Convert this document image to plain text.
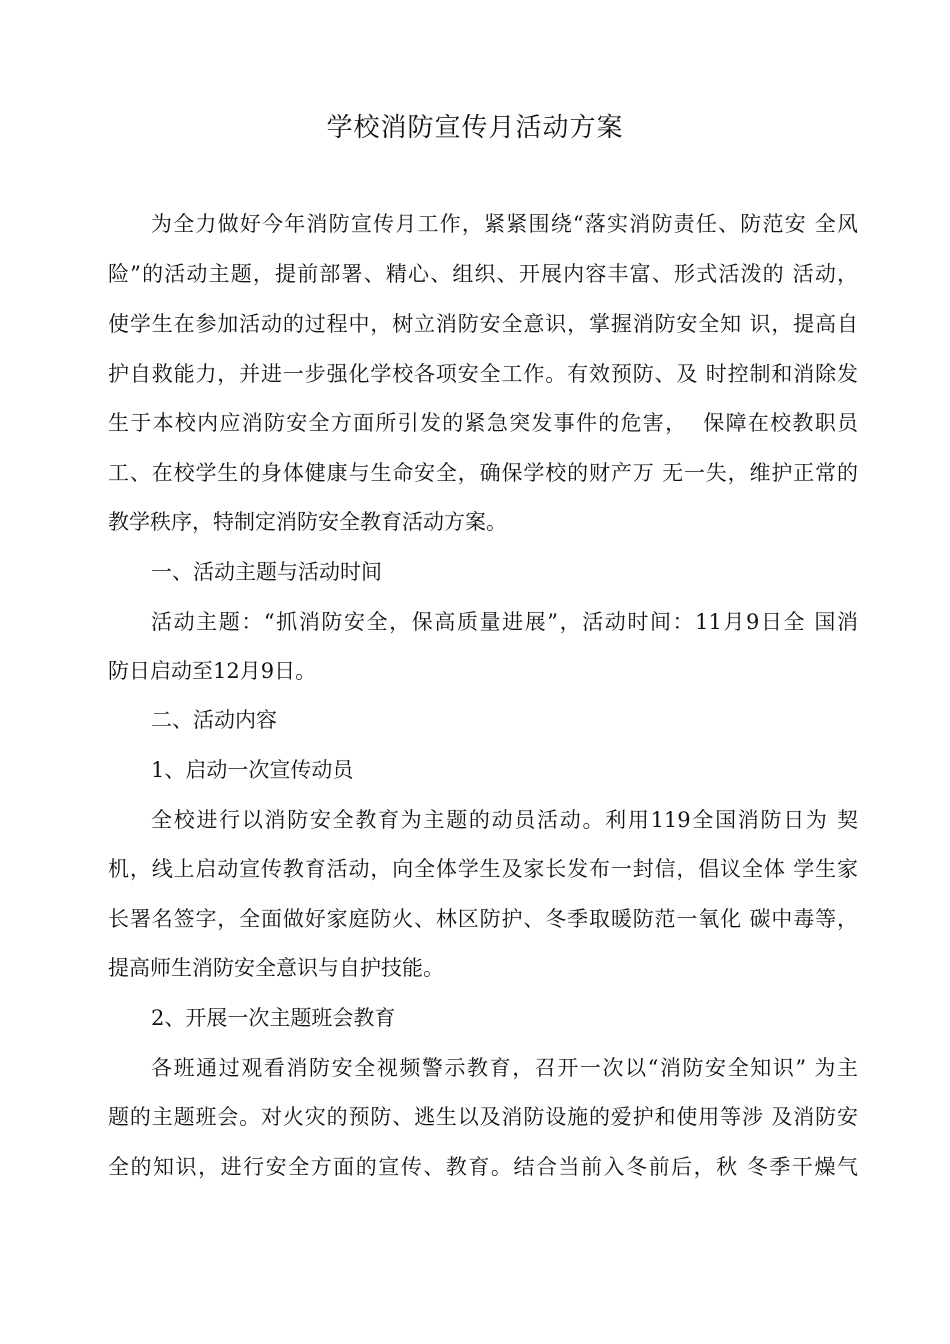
学校消防宣传月活动方案
为全力做好今年消防宣传月工作，紧紧围绕“落实消防责任、防范安 全风
险”的活动主题，提前部署、精心、组织、开展内容丰富、形式活泼的 活动，
使学生在参加活动的过程中，树立消防安全意识，掌握消防安全知 识，提高自
护自救能力，并进一步强化学校各项安全工作。有效预防、及 时控制和消除发
生于本校内应消防安全方面所引发的紧急突发事件的危害，  保障在校教职员
工、在校学生的身体健康与生命安全，确保学校的财产万 无一失，维护正常的
教学秩序，特制定消防安全教育活动方案。
一、活动主题与活动时间
活动主题：“抓消防安全，保高质量进展”，活动时间：11月9日全 国消
防日启动至12月9日。
二、活动内容
1、启动一次宣传动员
全校进行以消防安全教育为主题的动员活动。利用119全国消防日为 契
机，线上启动宣传教育活动，向全体学生及家长发布一封信，倡议全体 学生家
长署名签字，全面做好家庭防火、林区防护、冬季取暖防范一氧化 碳中毒等，
提高师生消防安全意识与自护技能。
2、开展一次主题班会教育
各班通过观看消防安全视频警示教育，召开一次以“消防安全知识” 为主
题的主题班会。对火灾的预防、逃生以及消防设施的爱护和使用等涉 及消防安
全的知识，进行安全方面的宣传、教育。结合当前入冬前后，秋 冬季干燥气
